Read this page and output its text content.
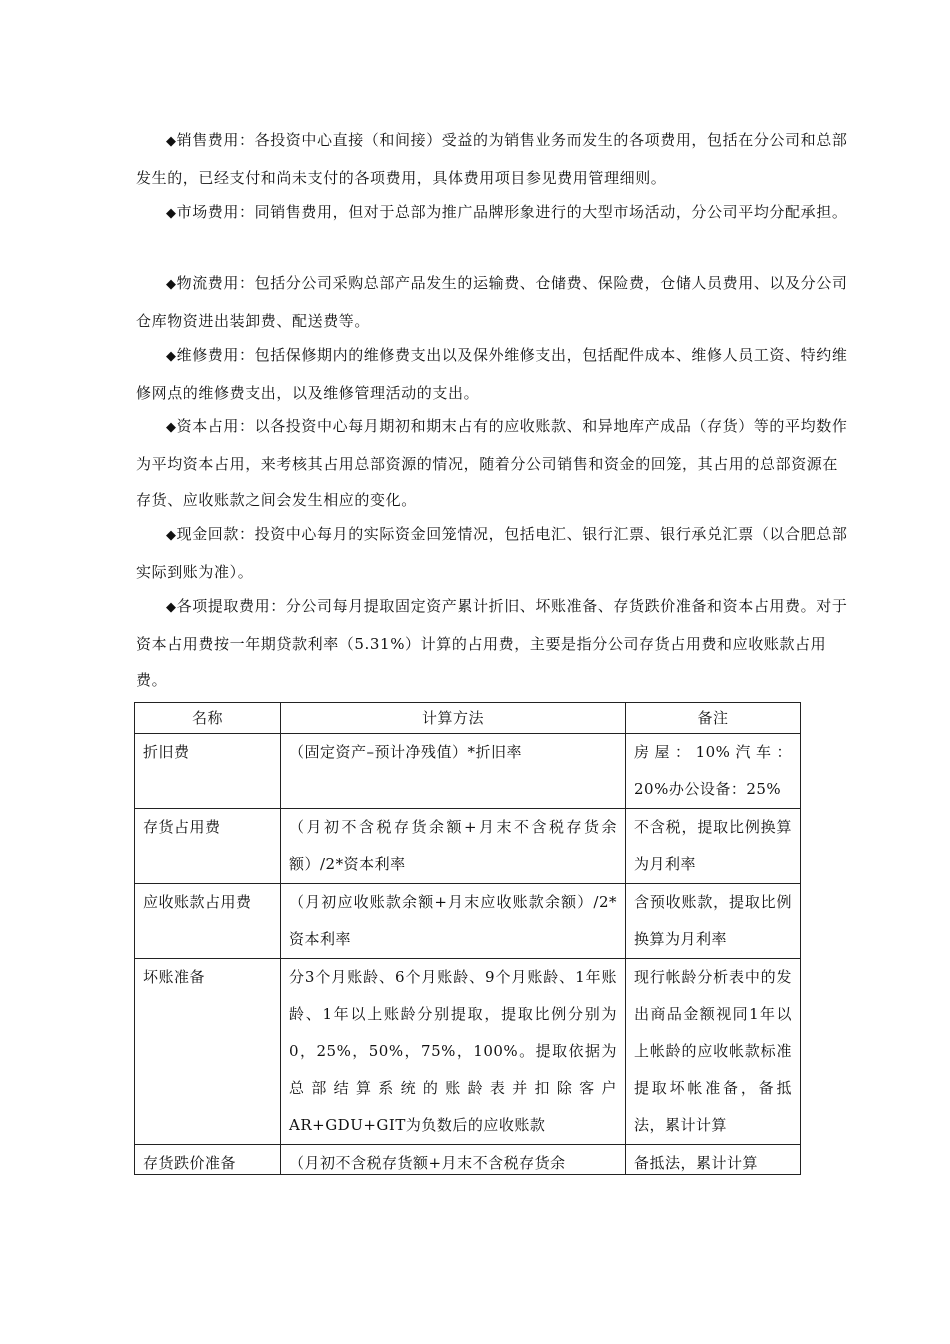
◆销售费用：各投资中心直接（和间接）受益的为销售业务而发生的各项费用，包括在分公司和总部发生的，已经支付和尚未支付的各项费用，具体费用项目参见费用管理细则。

◆市场费用：同销售费用，但对于总部为推广品牌形象进行的大型市场活动，分公司平均分配承担。

◆物流费用：包括分公司采购总部产品发生的运输费、仓储费、保险费，仓储人员费用、以及分公司仓库物资进出装卸费、配送费等。

◆维修费用：包括保修期内的维修费支出以及保外维修支出，包括配件成本、维修人员工资、特约维修网点的维修费支出，以及维修管理活动的支出。

◆资本占用：以各投资中心每月期初和期末占有的应收账款、和异地库产成品（存货）等的平均数作为平均资本占用，来考核其占用总部资源的情况，随着分公司销售和资金的回笼，其占用的总部资源在存货、应收账款之间会发生相应的变化。

◆现金回款：投资中心每月的实际资金回笼情况，包括电汇、银行汇票、银行承兑汇票（以合肥总部实际到账为准）。

◆各项提取费用：分公司每月提取固定资产累计折旧、坏账准备、存货跌价准备和资本占用费。对于资本占用费按一年期贷款利率（5.31%）计算的占用费，主要是指分公司存货占用费和应收账款占用费。

名称	计算方法	备注
折旧费	（固定资产–预计净残值）*折旧率	房屋：10%汽车：20%办公设备：25%
存货占用费	（月初不含税存货余额+月末不含税存货余额）/2*资本利率	不含税，提取比例换算为月利率
应收账款占用费	（月初应收账款余额+月末应收账款余额）/2*资本利率	含预收账款，提取比例换算为月利率
坏账准备	分3个月账龄、6个月账龄、9个月账龄、1年账龄、1年以上账龄分别提取，提取比例分别为0，25%，50%，75%，100%。提取依据为总部结算系统的账龄表并扣除客户AR+GDU+GIT为负数后的应收账款	现行帐龄分析表中的发出商品金额视同1年以上帐龄的应收帐款标准提取坏帐准备，备抵法，累计计算

存货跌价准备	（月初不含税存货额+月末不含税存货余	备抵法，累计计算
